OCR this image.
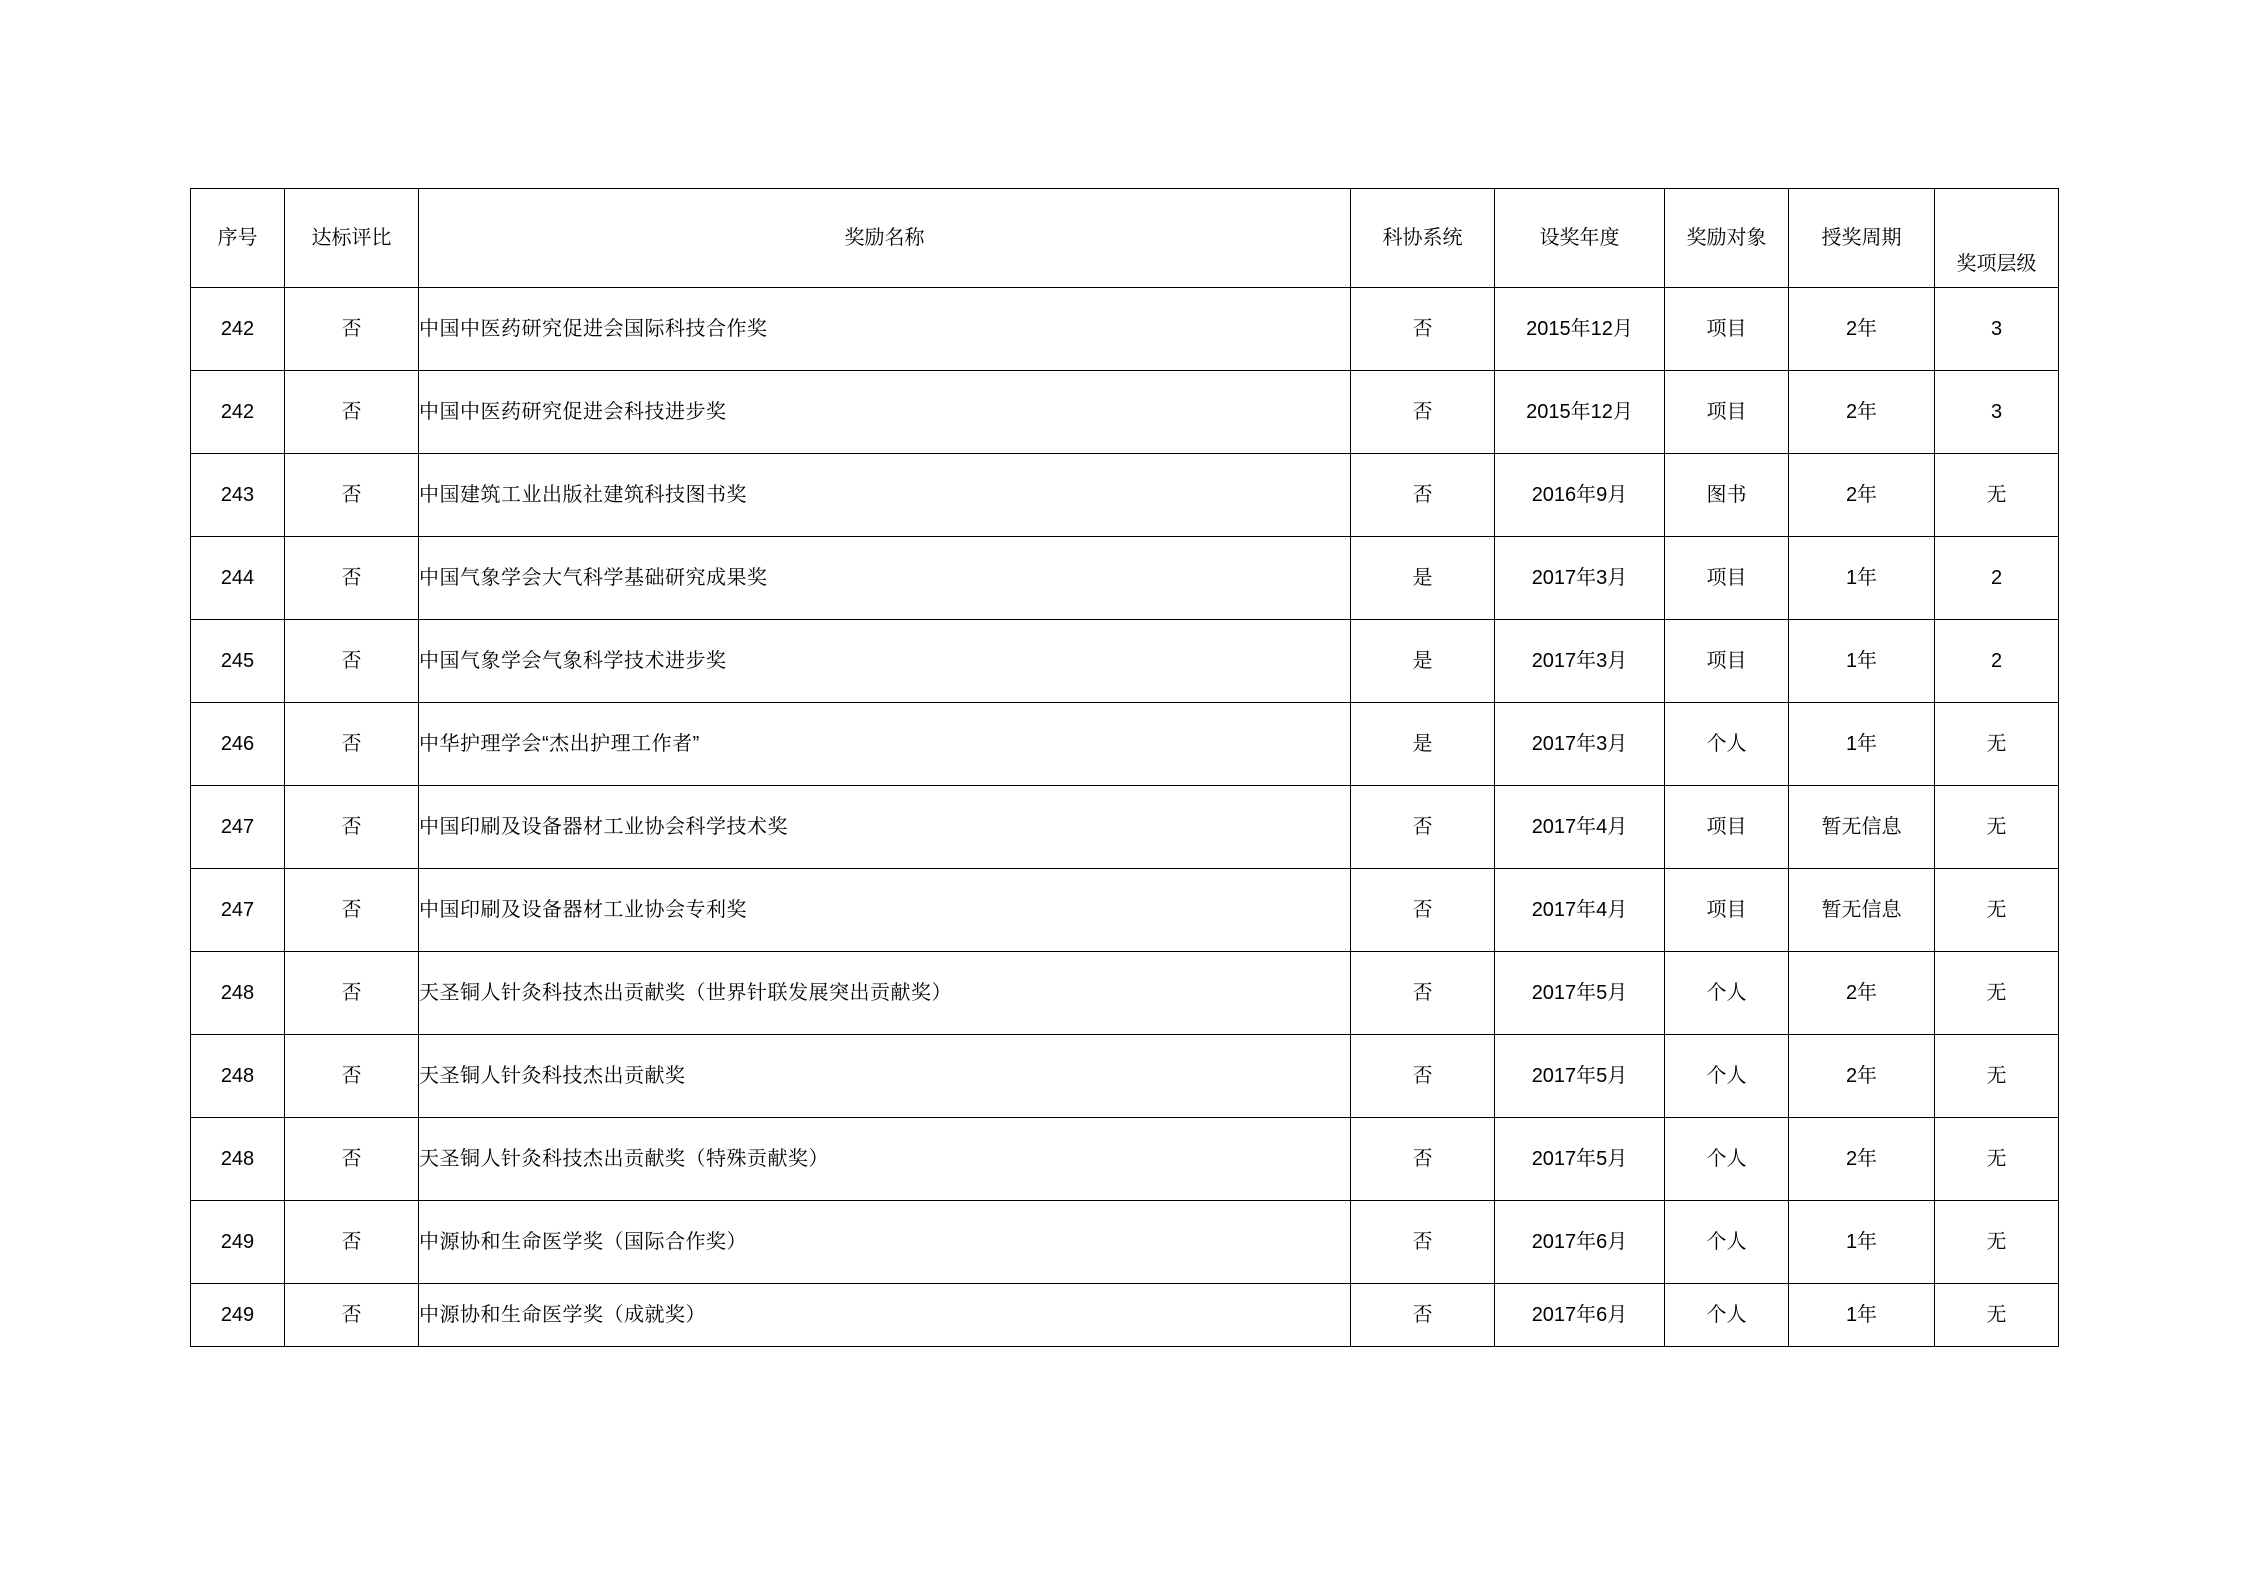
序号	达标评比	奖励名称	科协系统	设奖年度	奖励对象	授奖周期	奖项层级
242	否	中国中医药研究促进会国际科技合作奖	否	2015年12月	项目	2年	3
242	否	中国中医药研究促进会科技进步奖	否	2015年12月	项目	2年	3
243	否	中国建筑工业出版社建筑科技图书奖	否	2016年9月	图书	2年	无
244	否	中国气象学会大气科学基础研究成果奖	是	2017年3月	项目	1年	2
245	否	中国气象学会气象科学技术进步奖	是	2017年3月	项目	1年	2
246	否	中华护理学会“杰出护理工作者”	是	2017年3月	个人	1年	无
247	否	中国印刷及设备器材工业协会科学技术奖	否	2017年4月	项目	暂无信息	无
247	否	中国印刷及设备器材工业协会专利奖	否	2017年4月	项目	暂无信息	无
248	否	天圣铜人针灸科技杰出贡献奖（世界针联发展突出贡献奖）	否	2017年5月	个人	2年	无
248	否	天圣铜人针灸科技杰出贡献奖	否	2017年5月	个人	2年	无
248	否	天圣铜人针灸科技杰出贡献奖（特殊贡献奖）	否	2017年5月	个人	2年	无
249	否	中源协和生命医学奖（国际合作奖）	否	2017年6月	个人	1年	无
249	否	中源协和生命医学奖（成就奖）	否	2017年6月	个人	1年	无
